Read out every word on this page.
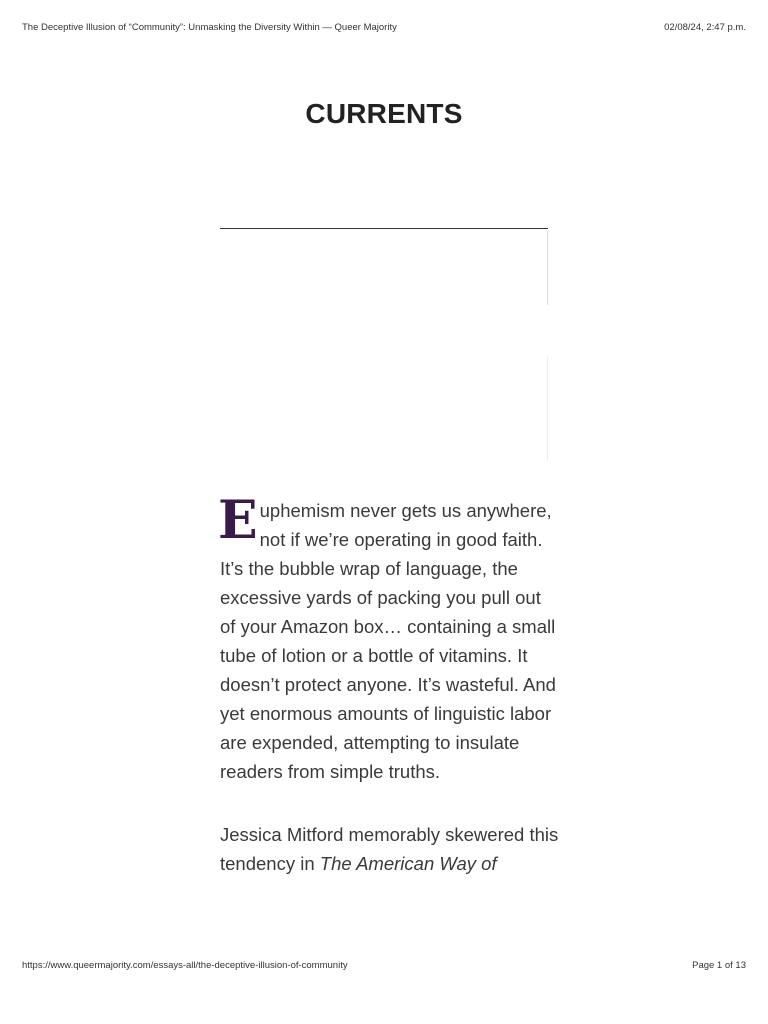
The Deceptive Illusion of “Community”: Unmasking the Diversity Within — Queer Majority	02/08/24, 2:47 p.m.
CURRENTS

Euphemism never gets us anywhere, not if we’re operating in good faith. It’s the bubble wrap of language, the excessive yards of packing you pull out of your Amazon box… containing a small tube of lotion or a bottle of vitamins. It doesn’t protect anyone. It’s wasteful. And yet enormous amounts of linguistic labor are expended, attempting to insulate readers from simple truths.

Jessica Mitford memorably skewered this tendency in The American Way of

https://www.queermajority.com/essays-all/the-deceptive-illusion-of-community	Page 1 of 13
